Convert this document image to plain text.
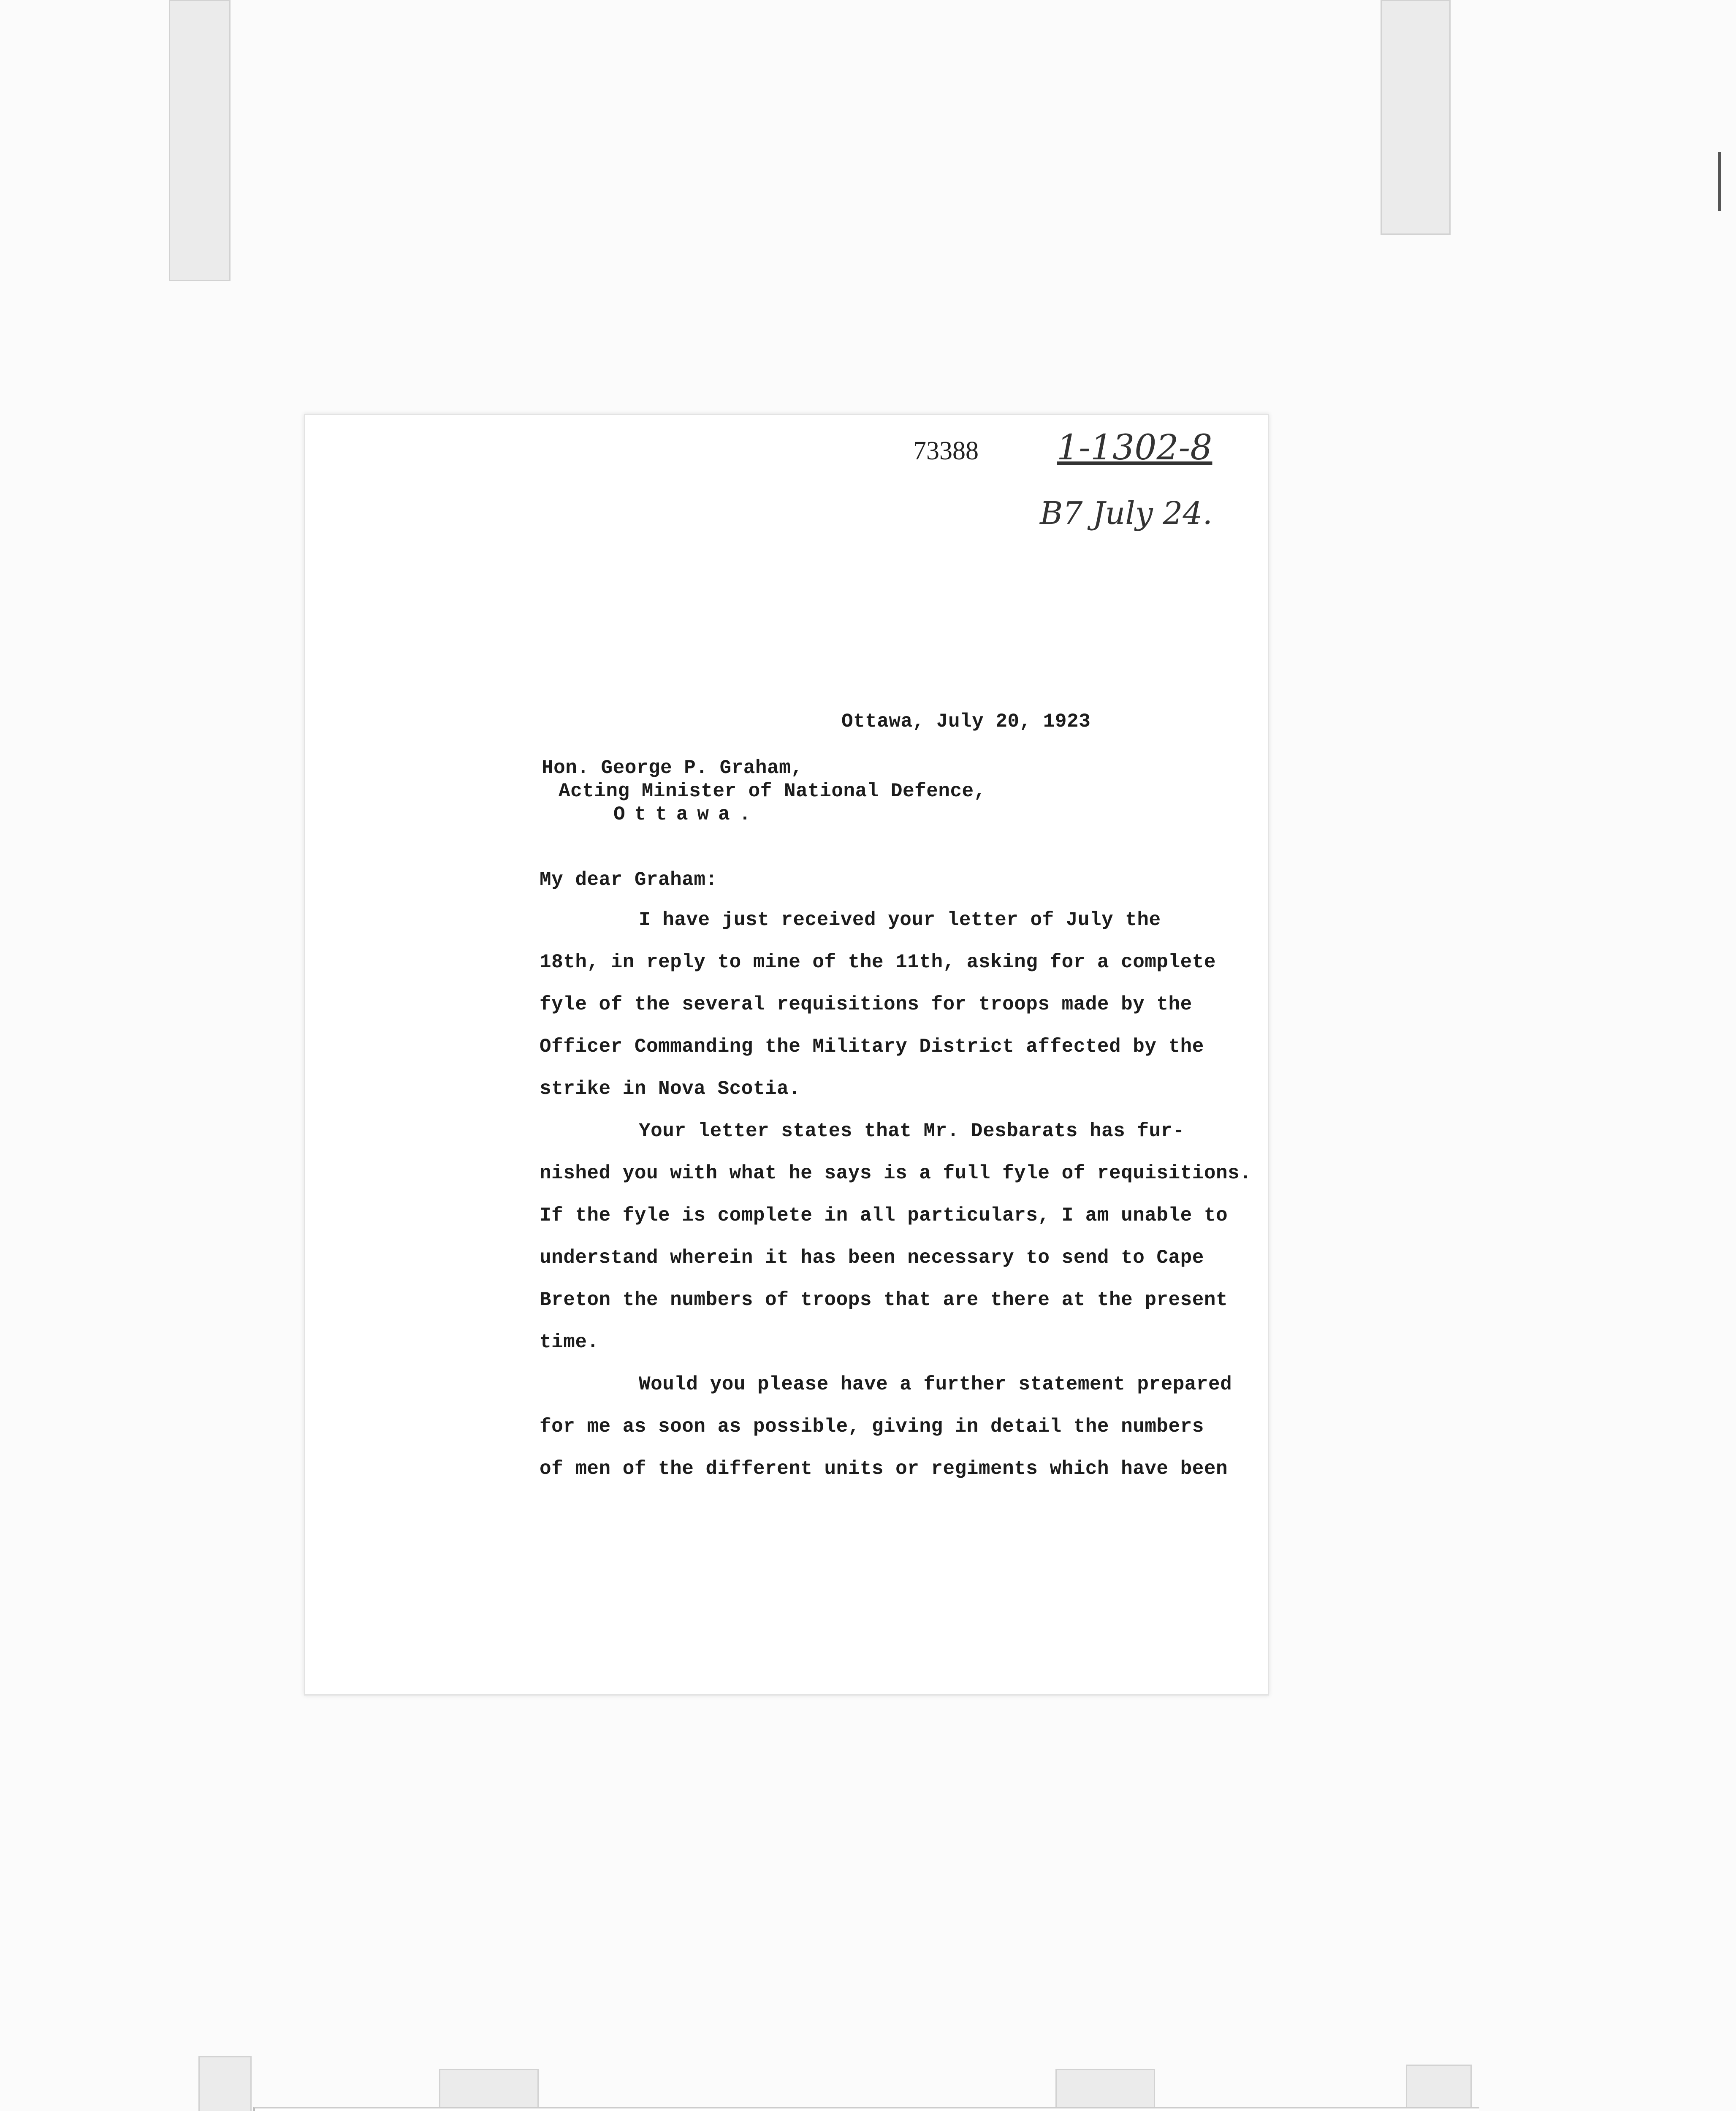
73388 1-1302-8
B7 July 24.
Ottawa, July 20, 1923
Hon. George P. Graham,
Acting Minister of National Defence,
Ottawa.
My dear Graham:
I have just received your letter of July the
18th, in reply to mine of the 11th, asking for a complete
fyle of the several requisitions for troops made by the
Officer Commanding the Military District affected by the
strike in Nova Scotia.
Your letter states that Mr. Desbarats has fur-
nished you with what he says is a full fyle of requisitions.
If the fyle is complete in all particulars, I am unable to
understand wherein it has been necessary to send to Cape
Breton the numbers of troops that are there at the present
time.
Would you please have a further statement prepared
for me as soon as possible, giving in detail the numbers
of men of the different units or regiments which have been
